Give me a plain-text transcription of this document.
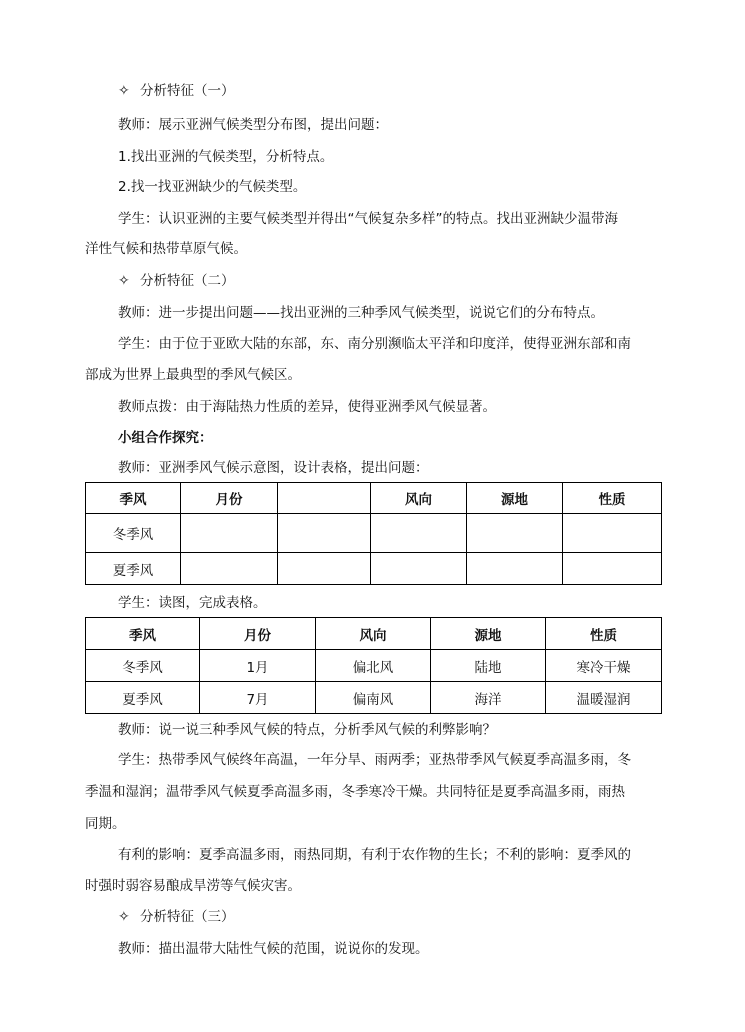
✧ 分析特征（一）
教师：展示亚洲气候类型分布图，提出问题：
1.找出亚洲的气候类型，分析特点。
2.找一找亚洲缺少的气候类型。
学生：认识亚洲的主要气候类型并得出“气候复杂多样”的特点。找出亚洲缺少温带海
洋性气候和热带草原气候。
✧ 分析特征（二）
教师：进一步提出问题——找出亚洲的三种季风气候类型，说说它们的分布特点。
学生：由于位于亚欧大陆的东部，东、南分别濒临太平洋和印度洋，使得亚洲东部和南
部成为世界上最典型的季风气候区。
教师点拨：由于海陆热力性质的差异，使得亚洲季风气候显著。
小组合作探究：
教师：亚洲季风气候示意图，设计表格，提出问题：
季风	月份		风向	源地	性质
冬季风					
夏季风					
学生：读图，完成表格。
季风	月份	风向	源地	性质
冬季风	1月	偏北风	陆地	寒冷干燥
夏季风	7月	偏南风	海洋	温暖湿润
教师：说一说三种季风气候的特点，分析季风气候的利弊影响？
学生：热带季风气候终年高温，一年分旱、雨两季；亚热带季风气候夏季高温多雨，冬
季温和湿润；温带季风气候夏季高温多雨，冬季寒冷干燥。共同特征是夏季高温多雨，雨热
同期。
有利的影响：夏季高温多雨，雨热同期，有利于农作物的生长；不利的影响：夏季风的
时强时弱容易酿成旱涝等气候灾害。
✧ 分析特征（三）
教师：描出温带大陆性气候的范围，说说你的发现。
